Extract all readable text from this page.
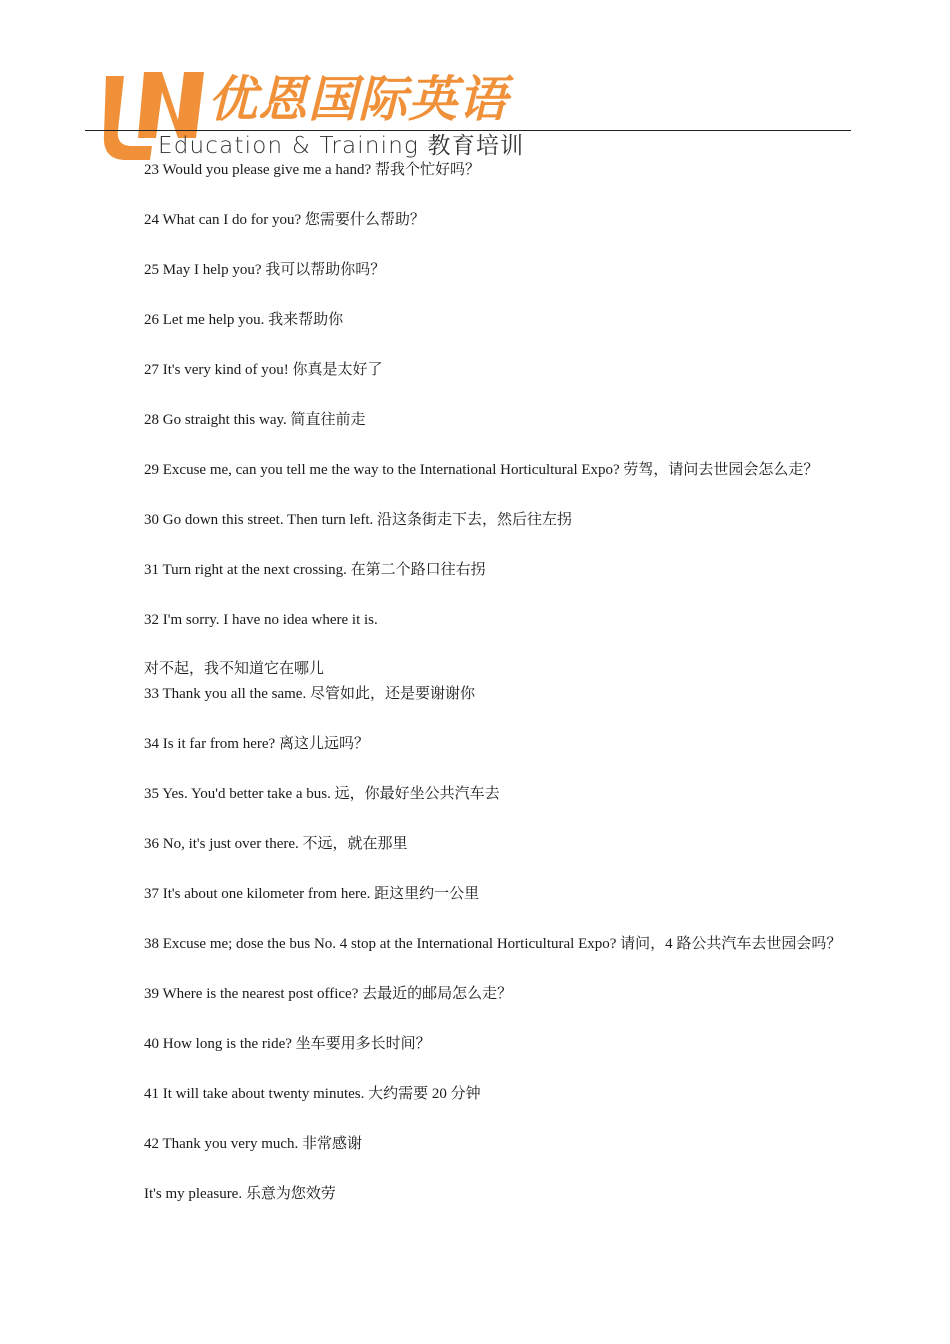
UN
优恩国际英语
Education & Training 教育培训
23 Would you please give me a hand? 帮我个忙好吗？
24 What can I do for you? 您需要什么帮助？
25 May I help you? 我可以帮助你吗？
26 Let me help you. 我来帮助你
27 It's very kind of you! 你真是太好了
28 Go straight this way. 简直往前走
29 Excuse me, can you tell me the way to the International Horticultural Expo? 劳驾，请问去世园会怎么走？
30 Go down this street. Then turn left. 沿这条街走下去，然后往左拐
31 Turn right at the next crossing. 在第二个路口往右拐
32 I'm sorry. I have no idea where it is.
对不起，我不知道它在哪儿
33 Thank you all the same. 尽管如此，还是要谢谢你
34 Is it far from here? 离这儿远吗？
35 Yes. You'd better take a bus. 远，你最好坐公共汽车去
36 No, it's just over there. 不远，就在那里
37 It's about one kilometer from here. 距这里约一公里
38 Excuse me; dose the bus No. 4 stop at the International Horticultural Expo? 请问，4 路公共汽车去世园会吗？
39 Where is the nearest post office? 去最近的邮局怎么走？
40 How long is the ride? 坐车要用多长时间？
41 It will take about twenty minutes. 大约需要 20 分钟
42 Thank you very much. 非常感谢
It's my pleasure. 乐意为您效劳
